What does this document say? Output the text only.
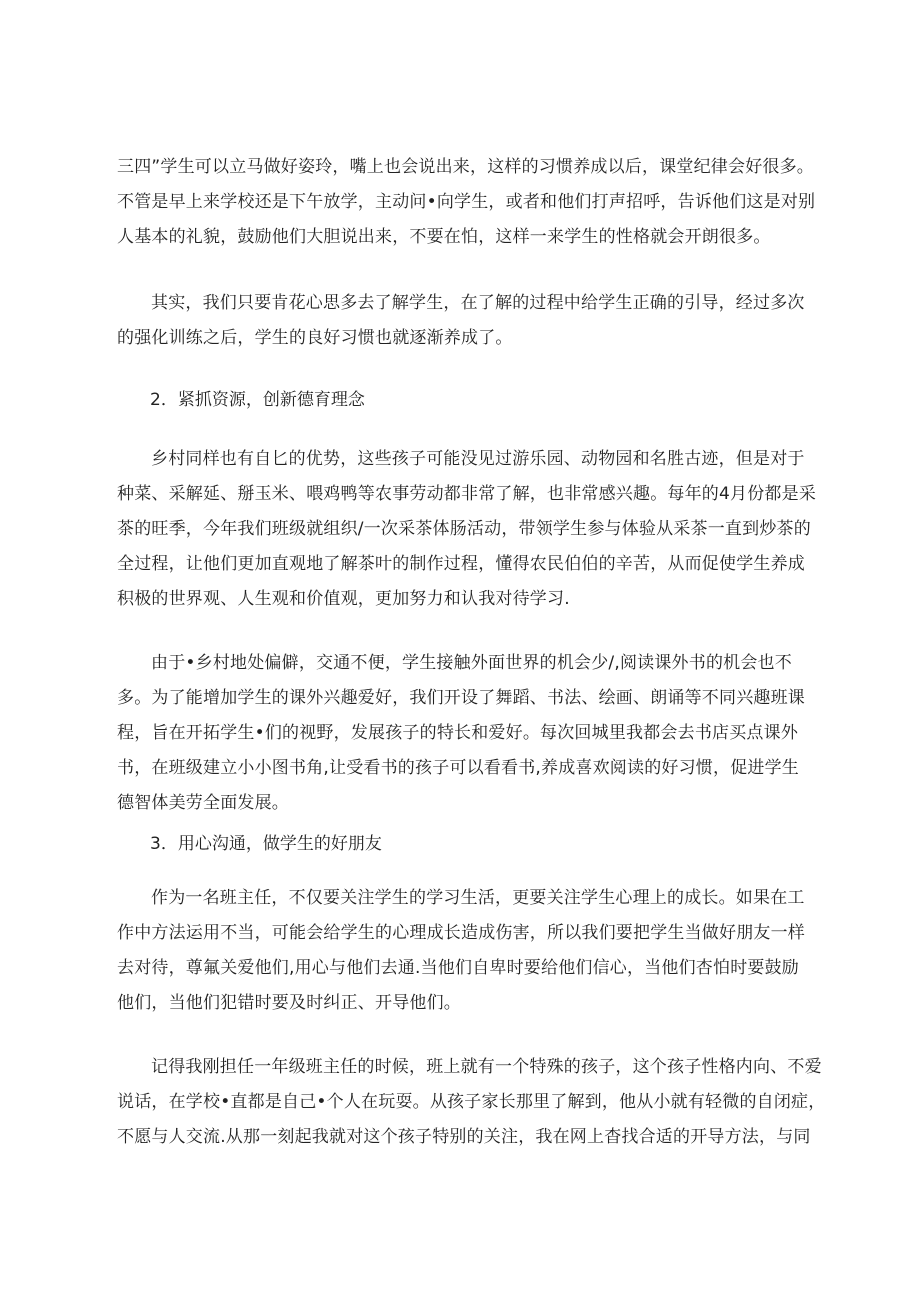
三四”学生可以立马做好姿玲，嘴上也会说出来，这样的习惯养成以后，课堂纪律会好很多。
不管是早上来学校还是下午放学，主动问•向学生，或者和他们打声招呼，告诉他们这是对别
人基本的礼貌，鼓励他们大胆说出来，不要在怕，这样一来学生的性格就会开朗很多。
其实，我们只要肯花心思多去了解学生，在了解的过程中给学生正确的引导，经过多次
的强化训练之后，学生的良好习惯也就逐渐养成了。
2．紧抓资源，创新德育理念
乡村同样也有自匕的优势，这些孩子可能没见过游乐园、动物园和名胜古迹，但是对于
种菜、采解延、掰玉米、喂鸡鸭等农事劳动都非常了解，也非常感兴趣。每年的4月份都是采
茶的旺季，今年我们班级就组织/一次采茶体肠活动，带领学生参与体验从采茶一直到炒茶的
全过程，让他们更加直观地了解茶叶的制作过程，懂得农民伯伯的辛苦，从而促使学生养成
积极的世界观、人生观和价值观，更加努力和认我对待学习.
由于•乡村地处偏僻，交通不便，学生接触外面世界的机会少/,阅读课外书的机会也不
多。为了能增加学生的课外兴趣爱好，我们开设了舞蹈、书法、绘画、朗诵等不同兴趣班课
程，旨在开拓学生•们的视野，发展孩子的特长和爱好。每次回城里我都会去书店买点课外
书，在班级建立小小图书角,让受看书的孩子可以看看书,养成喜欢阅读的好习惯，促进学生
德智体美劳全面发展。
3．用心沟通，做学生的好朋友
作为一名班主任，不仅要关注学生的学习生活，更要关注学生心理上的成长。如果在工
作中方法运用不当，可能会给学生的心理成长造成伤害，所以我们要把学生当做好朋友一样
去对待，尊氟关爱他们,用心与他们去通.当他们自卑时要给他们信心，当他们杏怕时要鼓励
他们，当他们犯错时要及时纠正、开导他们。
记得我刚担任一年级班主任的时候，班上就有一个特殊的孩子，这个孩子性格内向、不爱
说话，在学校•直都是自己•个人在玩耍。从孩子家长那里了解到，他从小就有轻微的自闭症，
不愿与人交流.从那一刻起我就对这个孩子特别的关注，我在网上杳找合适的开导方法，与同
